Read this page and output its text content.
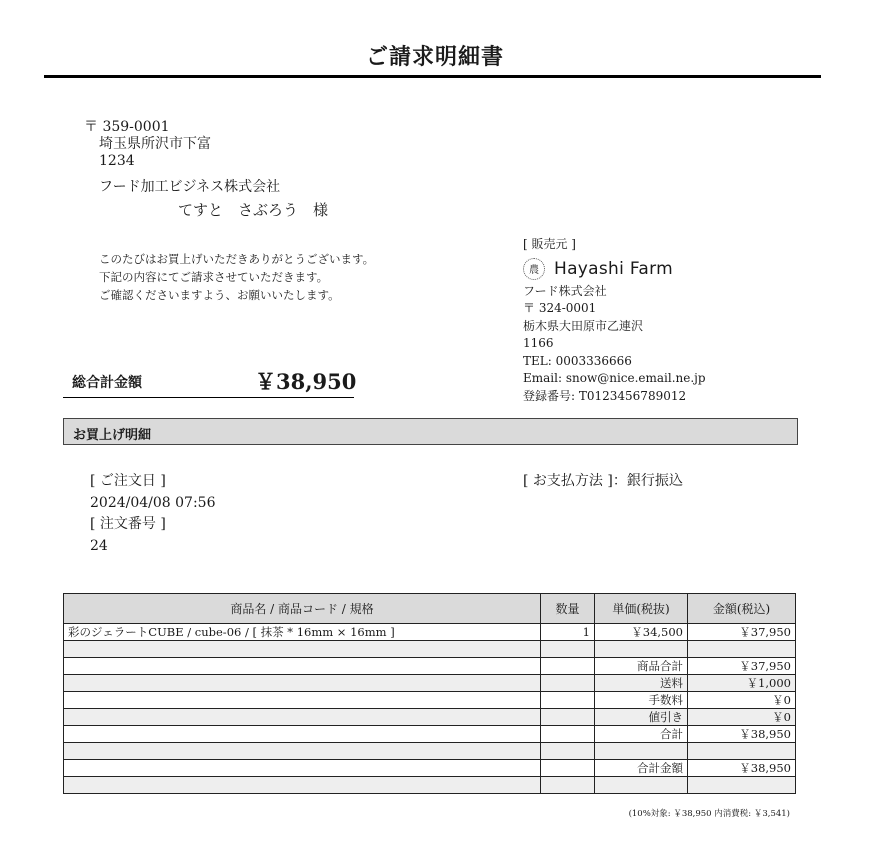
ご請求明細書
〒 359-0001
埼玉県所沢市下富
1234
フード加工ビジネス株式会社
てすと　さぶろう　様
このたびはお買上げいただきありがとうございます。
下記の内容にてご請求させていただきます。
ご確認くださいますよう、お願いいたします。
[ 販売元 ]
農 Hayashi Farm
フード株式会社
〒 324-0001
栃木県大田原市乙連沢
1166
TEL: 0003336666
Email: snow@nice.email.ne.jp
登録番号: T0123456789012
総合計金額	￥38,950
お買上げ明細
[ ご注文日 ]
2024/04/08 07:56
[ 注文番号 ]
24
[ お支払方法 ]：銀行振込
商品名 / 商品コード / 規格	数量	単価(税抜)	金額(税込)
彩のジェラートCUBE / cube-06 / [ 抹茶 * 16mm × 16mm ]	1	￥34,500	￥37,950

		商品合計	￥37,950
		送料	￥1,000
		手数料	￥0
		値引き	￥0
		合計	￥38,950

		合計金額	￥38,950

(10%対象: ￥38,950 内消費税: ￥3,541)
